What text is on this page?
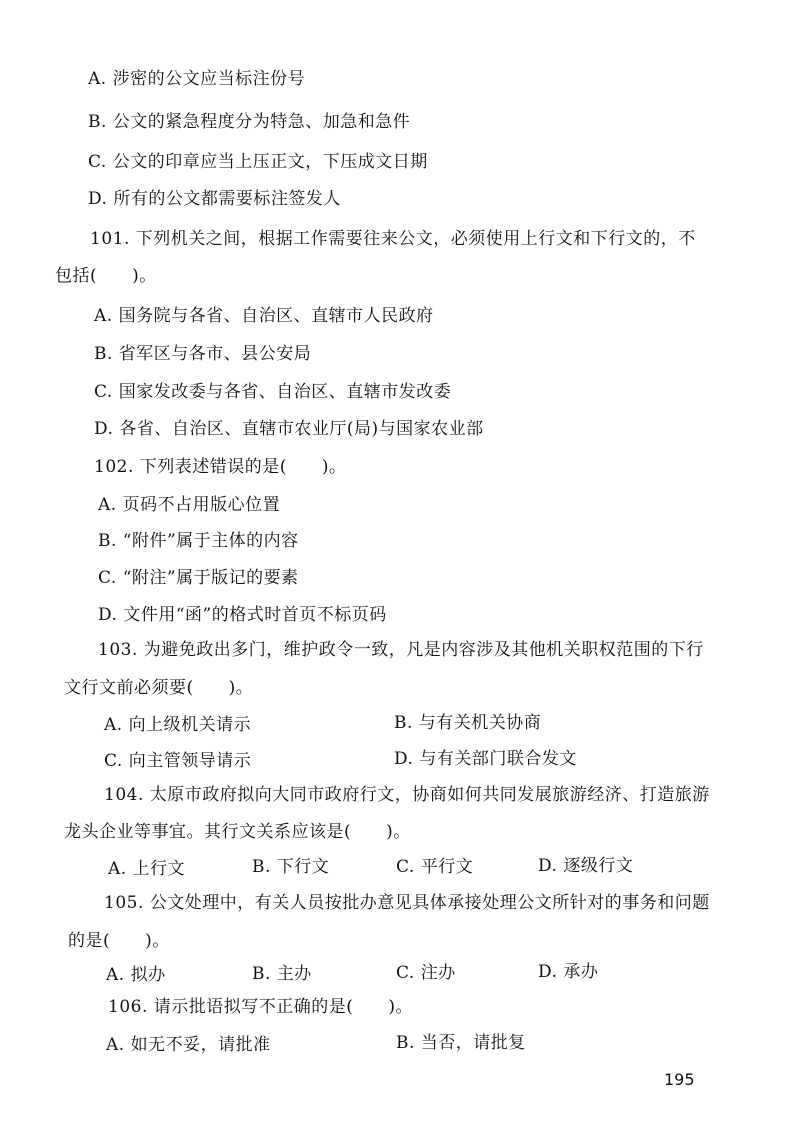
A. 涉密的公文应当标注份号
B. 公文的紧急程度分为特急、加急和急件
C. 公文的印章应当上压正文，下压成文日期
D. 所有的公文都需要标注签发人
101. 下列机关之间，根据工作需要往来公文，必须使用上行文和下行文的，不
包括(　　)。
A. 国务院与各省、自治区、直辖市人民政府
B. 省军区与各市、县公安局
C. 国家发改委与各省、自治区、直辖市发改委
D. 各省、自治区、直辖市农业厅(局)与国家农业部
102. 下列表述错误的是(　　)。
A. 页码不占用版心位置
B. “附件”属于主体的内容
C. “附注”属于版记的要素
D. 文件用“函”的格式时首页不标页码
103. 为避免政出多门，维护政令一致，凡是内容涉及其他机关职权范围的下行
文行文前必须要(　　)。
A. 向上级机关请示	B. 与有关机关协商
C. 向主管领导请示	D. 与有关部门联合发文
104. 太原市政府拟向大同市政府行文，协商如何共同发展旅游经济、打造旅游
龙头企业等事宜。其行文关系应该是(　　)。
A. 上行文	B. 下行文	C. 平行文	D. 逐级行文
105. 公文处理中，有关人员按批办意见具体承接处理公文所针对的事务和问题
的是(　　)。
A. 拟办	B. 主办	C. 注办	D. 承办
106. 请示批语拟写不正确的是(　　)。
A. 如无不妥，请批准	B. 当否，请批复
195
